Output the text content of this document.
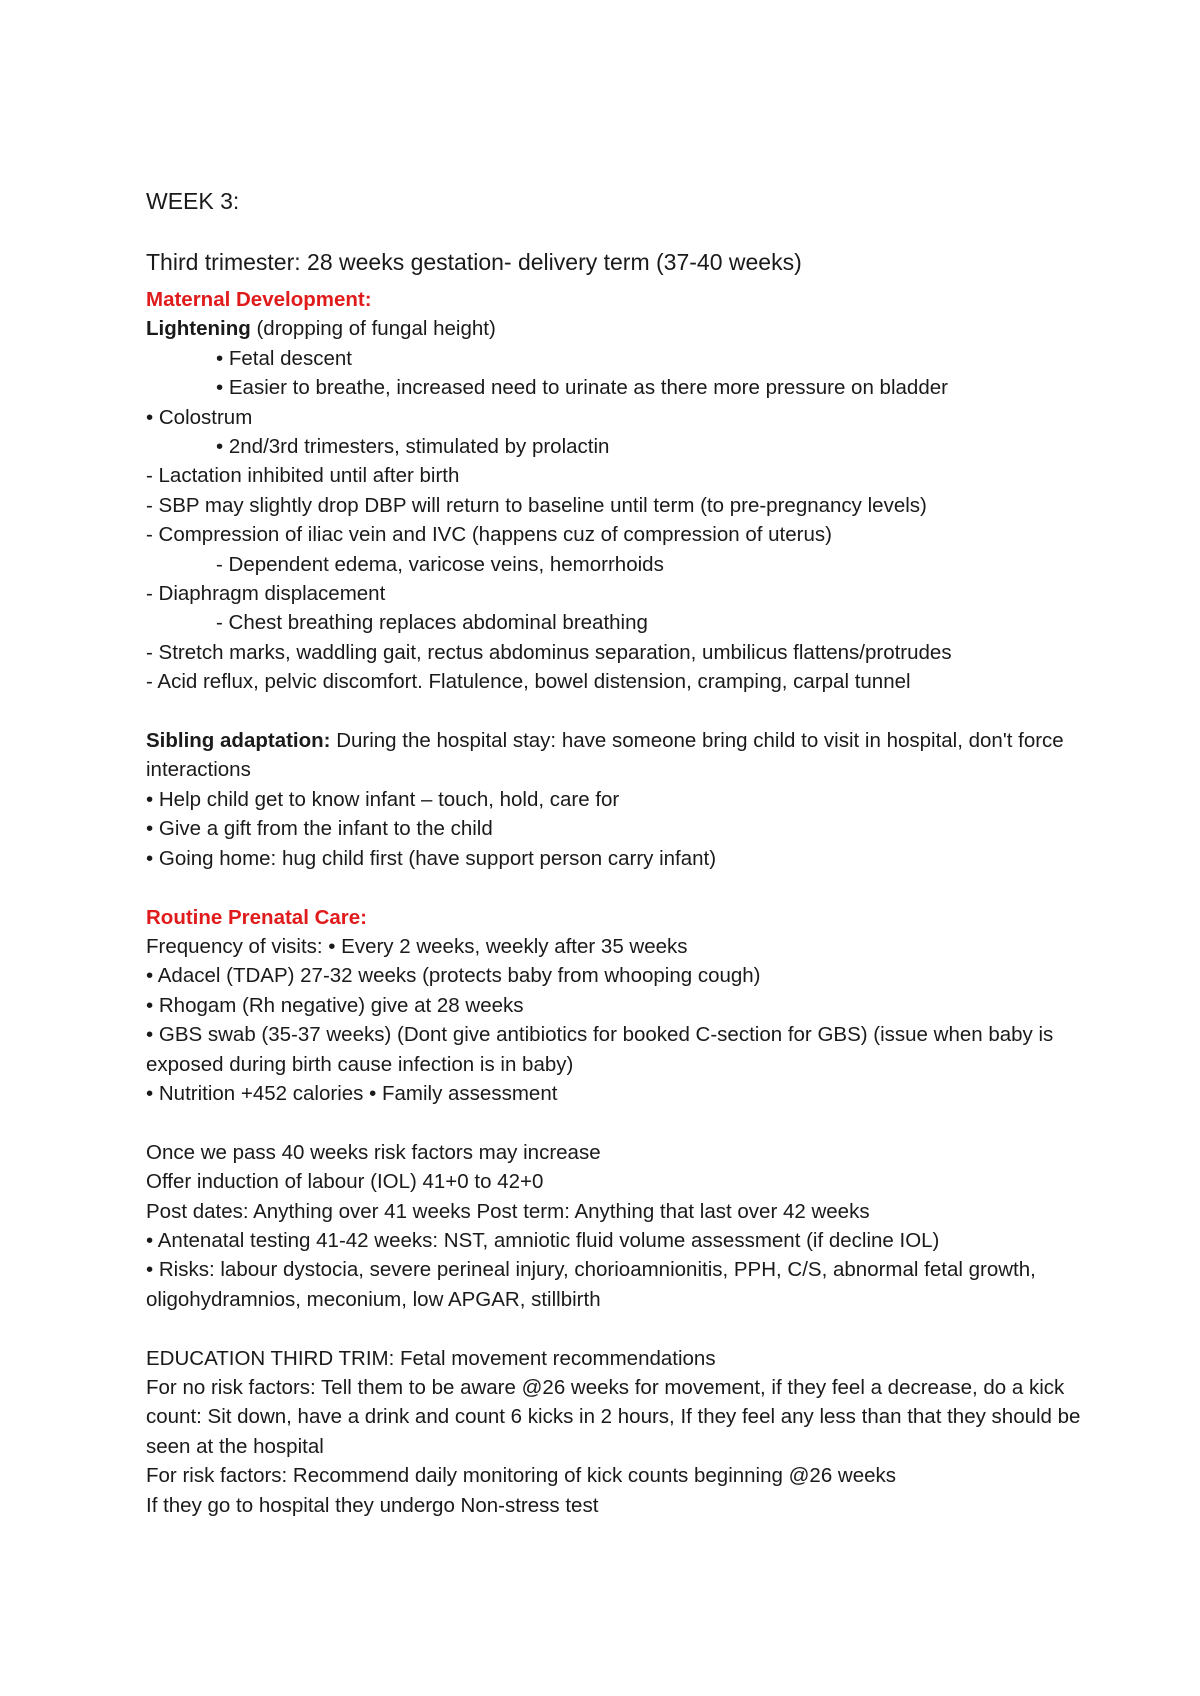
WEEK 3:
Third trimester: 28 weeks gestation- delivery term (37-40 weeks)
Maternal Development:
Lightening (dropping of fungal height)
• Fetal descent
• Easier to breathe, increased need to urinate as there more pressure on bladder
• Colostrum
• 2nd/3rd trimesters, stimulated by prolactin
- Lactation inhibited until after birth
- SBP may slightly drop DBP will return to baseline until term (to pre-pregnancy levels)
- Compression of iliac vein and IVC (happens cuz of compression of uterus)
- Dependent edema, varicose veins, hemorrhoids
- Diaphragm displacement
- Chest breathing replaces abdominal breathing
- Stretch marks, waddling gait, rectus abdominus separation, umbilicus flattens/protrudes
- Acid reflux, pelvic discomfort. Flatulence, bowel distension, cramping, carpal tunnel
Sibling adaptation: During the hospital stay: have someone bring child to visit in hospital, don't force interactions
• Help child get to know infant – touch, hold, care for
• Give a gift from the infant to the child
• Going home: hug child first (have support person carry infant)
Routine Prenatal Care:
Frequency of visits: • Every 2 weeks, weekly after 35 weeks
• Adacel (TDAP) 27-32 weeks (protects baby from whooping cough)
• Rhogam (Rh negative) give at 28 weeks
• GBS swab (35-37 weeks) (Dont give antibiotics for booked C-section for GBS) (issue when baby is exposed during birth cause infection is in baby)
• Nutrition +452 calories • Family assessment
Once we pass 40 weeks risk factors may increase
Offer induction of labour (IOL) 41+0 to 42+0
Post dates: Anything over 41 weeks Post term: Anything that last over 42 weeks
• Antenatal testing 41-42 weeks: NST, amniotic fluid volume assessment (if decline IOL)
• Risks: labour dystocia, severe perineal injury, chorioamnionitis, PPH, C/S, abnormal fetal growth, oligohydramnios, meconium, low APGAR, stillbirth
EDUCATION THIRD TRIM: Fetal movement recommendations
For no risk factors: Tell them to be aware @26 weeks for movement, if they feel a decrease, do a kick count: Sit down, have a drink and count 6 kicks in 2 hours, If they feel any less than that they should be seen at the hospital
For risk factors: Recommend daily monitoring of kick counts beginning @26 weeks
If they go to hospital they undergo Non-stress test
